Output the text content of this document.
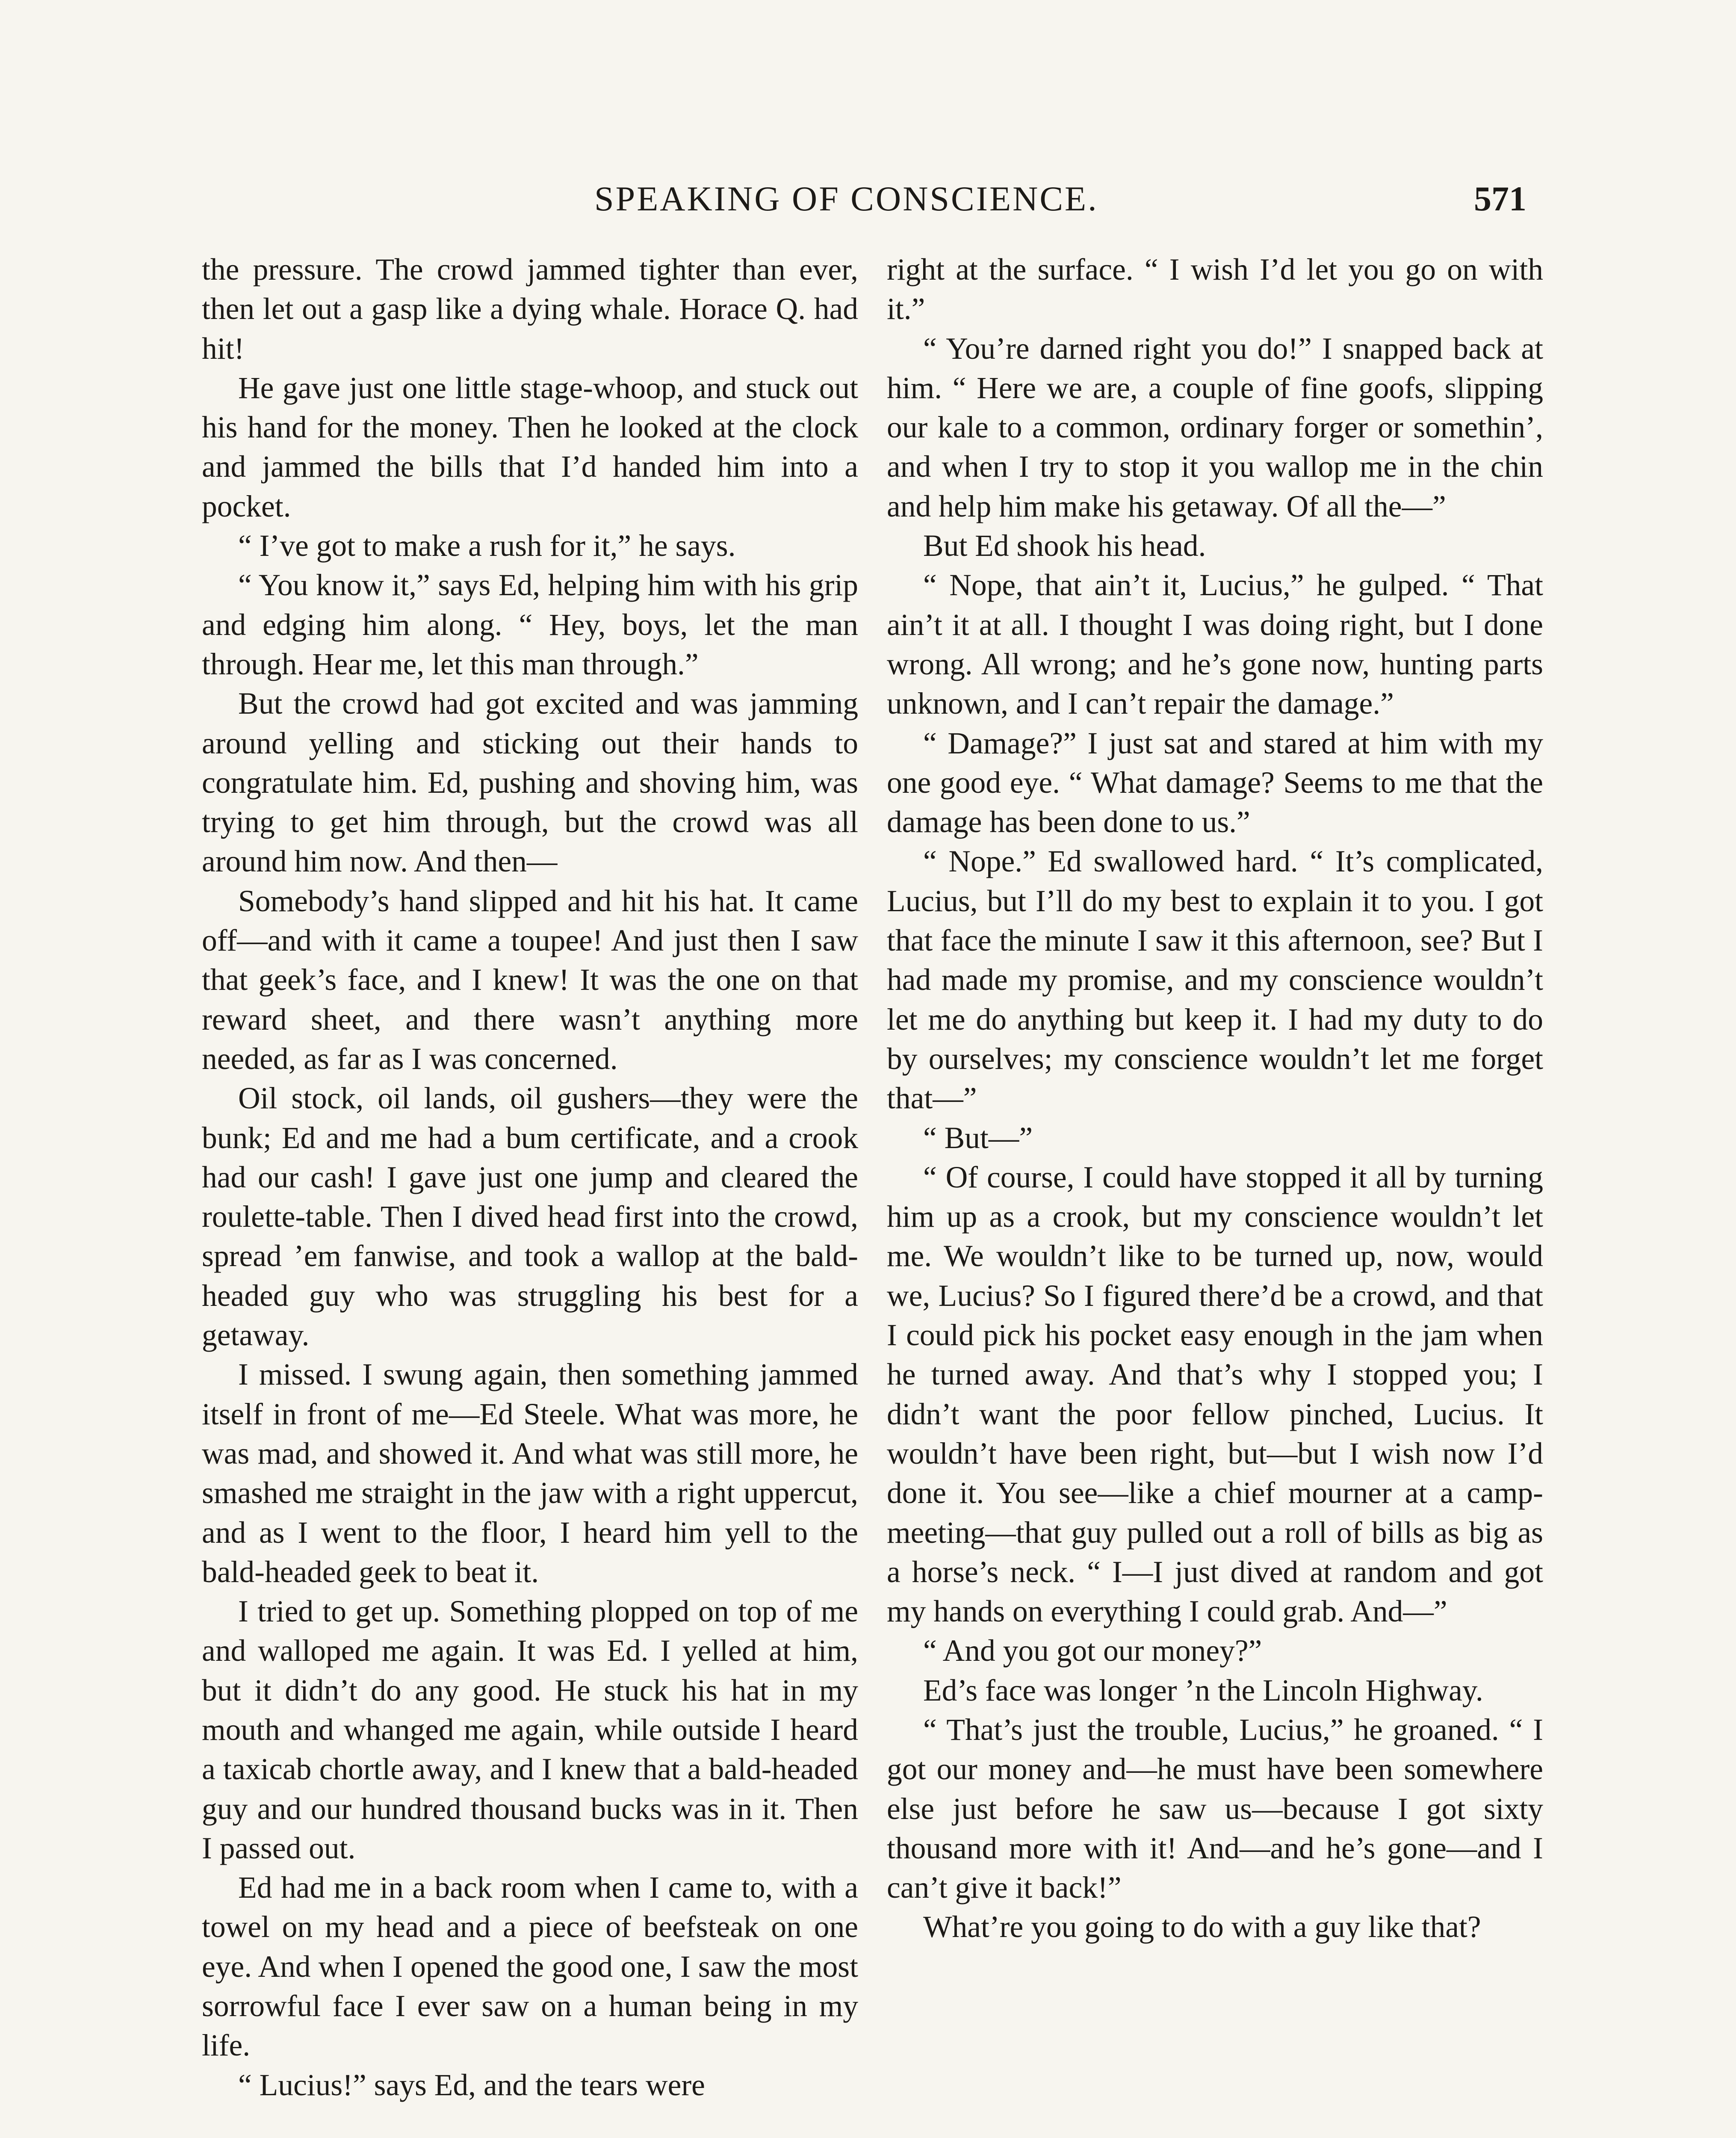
SPEAKING OF CONSCIENCE.	571

the pressure. The crowd jammed tighter than ever, then let out a gasp like a dying whale. Horace Q. had hit!

He gave just one little stage-whoop, and stuck out his hand for the money. Then he looked at the clock and jammed the bills that I’d handed him into a pocket.

“ I’ve got to make a rush for it,” he says.

“ You know it,” says Ed, helping him with his grip and edging him along. “ Hey, boys, let the man through. Hear me, let this man through.”

But the crowd had got excited and was jamming around yelling and sticking out their hands to congratulate him. Ed, pushing and shoving him, was trying to get him through, but the crowd was all around him now. And then—

Somebody’s hand slipped and hit his hat. It came off—and with it came a toupee! And just then I saw that geek’s face, and I knew! It was the one on that reward sheet, and there wasn’t anything more needed, as far as I was concerned.

Oil stock, oil lands, oil gushers—they were the bunk; Ed and me had a bum certificate, and a crook had our cash! I gave just one jump and cleared the roulette-table. Then I dived head first into the crowd, spread ’em fanwise, and took a wallop at the bald-headed guy who was struggling his best for a getaway.

I missed. I swung again, then something jammed itself in front of me—Ed Steele. What was more, he was mad, and showed it. And what was still more, he smashed me straight in the jaw with a right uppercut, and as I went to the floor, I heard him yell to the bald-headed geek to beat it.

I tried to get up. Something plopped on top of me and walloped me again. It was Ed. I yelled at him, but it didn’t do any good. He stuck his hat in my mouth and whanged me again, while outside I heard a taxicab chortle away, and I knew that a bald-headed guy and our hundred thousand bucks was in it. Then I passed out.

Ed had me in a back room when I came to, with a towel on my head and a piece of beefsteak on one eye. And when I opened the good one, I saw the most sorrowful face I ever saw on a human being in my life.

“ Lucius!” says Ed, and the tears were

right at the surface. “ I wish I’d let you go on with it.”

“ You’re darned right you do!” I snapped back at him. “ Here we are, a couple of fine goofs, slipping our kale to a common, ordinary forger or somethin’, and when I try to stop it you wallop me in the chin and help him make his getaway. Of all the—”

But Ed shook his head.

“ Nope, that ain’t it, Lucius,” he gulped. “ That ain’t it at all. I thought I was doing right, but I done wrong. All wrong; and he’s gone now, hunting parts unknown, and I can’t repair the damage.”

“ Damage?” I just sat and stared at him with my one good eye. “ What damage? Seems to me that the damage has been done to us.”

“ Nope.” Ed swallowed hard. “ It’s complicated, Lucius, but I’ll do my best to explain it to you. I got that face the minute I saw it this afternoon, see? But I had made my promise, and my conscience wouldn’t let me do anything but keep it. I had my duty to do by ourselves; my conscience wouldn’t let me forget that—”

“ But—”

“ Of course, I could have stopped it all by turning him up as a crook, but my conscience wouldn’t let me. We wouldn’t like to be turned up, now, would we, Lucius? So I figured there’d be a crowd, and that I could pick his pocket easy enough in the jam when he turned away. And that’s why I stopped you; I didn’t want the poor fellow pinched, Lucius. It wouldn’t have been right, but—but I wish now I’d done it. You see—like a chief mourner at a camp-meeting—that guy pulled out a roll of bills as big as a horse’s neck. “ I—I just dived at random and got my hands on everything I could grab. And—”

“ And you got our money?”

Ed’s face was longer ’n the Lincoln Highway.

“ That’s just the trouble, Lucius,” he groaned. “ I got our money and—he must have been somewhere else just before he saw us—because I got sixty thousand more with it! And—and he’s gone—and I can’t give it back!”

What’re you going to do with a guy like that?
